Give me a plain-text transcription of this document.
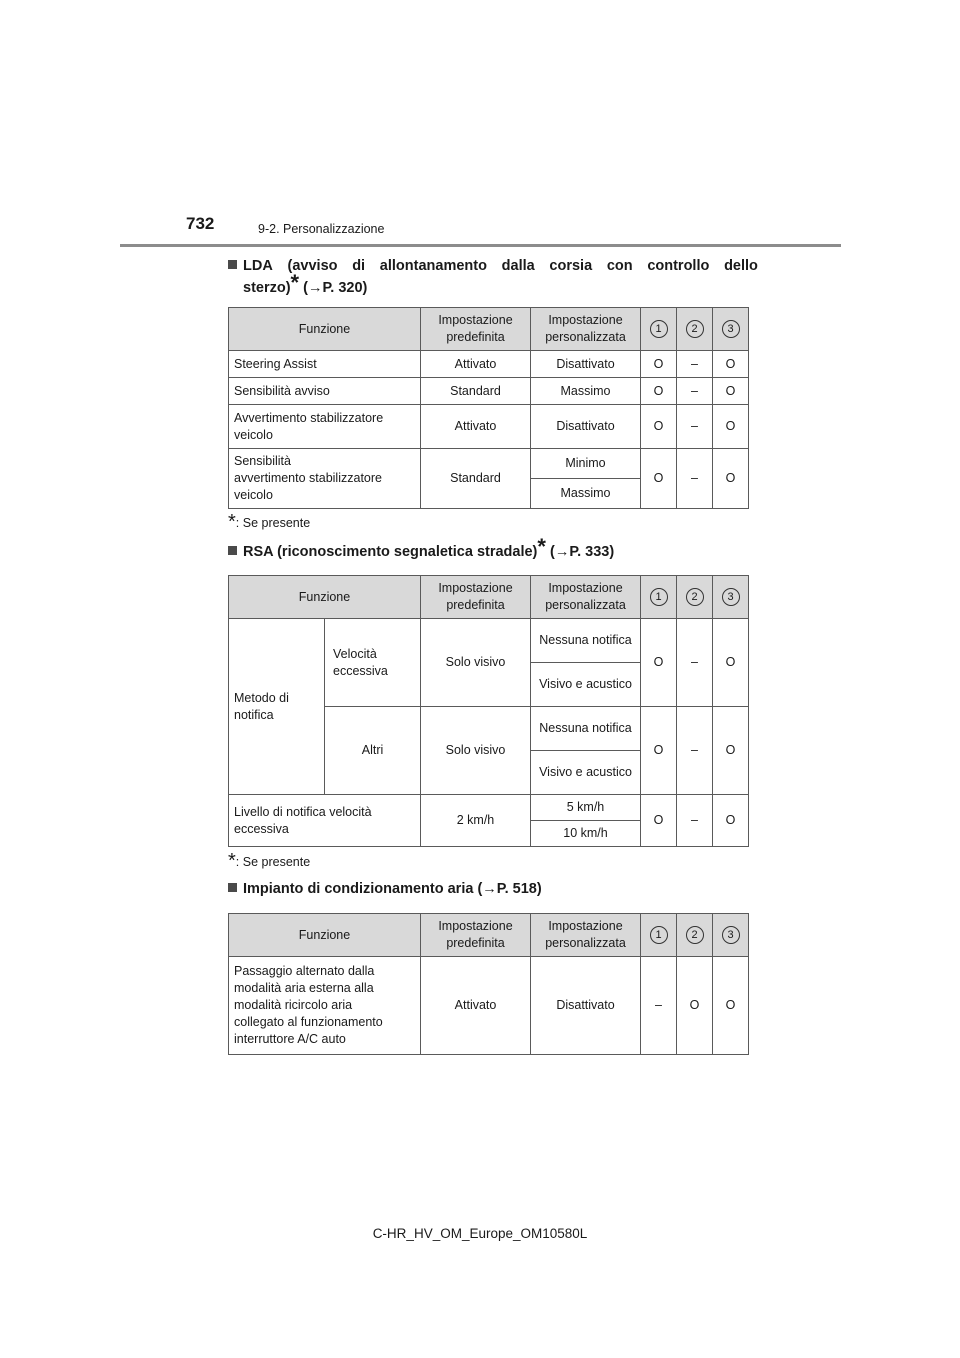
732	9-2. Personalizzazione
LDA (avviso di allontanamento dalla corsia con controllo dello
sterzo)* (→P. 320)
Funzione	Impostazione predefinita	Impostazione personalizzata	1	2	3
Steering Assist	Attivato	Disattivato	O	–	O
Sensibilità avviso	Standard	Massimo	O	–	O

Avvertimento stabilizzatore
veicolo	Attivato	Disattivato	O	–	O

Sensibilità
avvertimento stabilizzatore
veicolo	Standard	Minimo	O	–	O
		Massimo			
*: Se presente
RSA (riconoscimento segnaletica stradale)* (→P. 333)
Funzione		Impostazione predefinita	Impostazione personalizzata	1	2	3

Metodo di
notifica	Velocità eccessiva	Solo visivo	Nessuna notifica	O	–	O
			Visivo e acustico			
	Altri	Solo visivo	Nessuna notifica	O	–	O
			Visivo e acustico			

Livello di notifica velocità
eccessiva		2 km/h	5 km/h	O	–	O
			10 km/h			
*: Se presente
Impianto di condizionamento aria (→P. 518)
Funzione	Impostazione predefinita	Impostazione personalizzata	1	2	3

Passaggio alternato dalla
modalità aria esterna alla
modalità ricircolo aria
collegato al funzionamento
interruttore A/C auto	Attivato	Disattivato	–	O	O
C-HR_HV_OM_Europe_OM10580L
